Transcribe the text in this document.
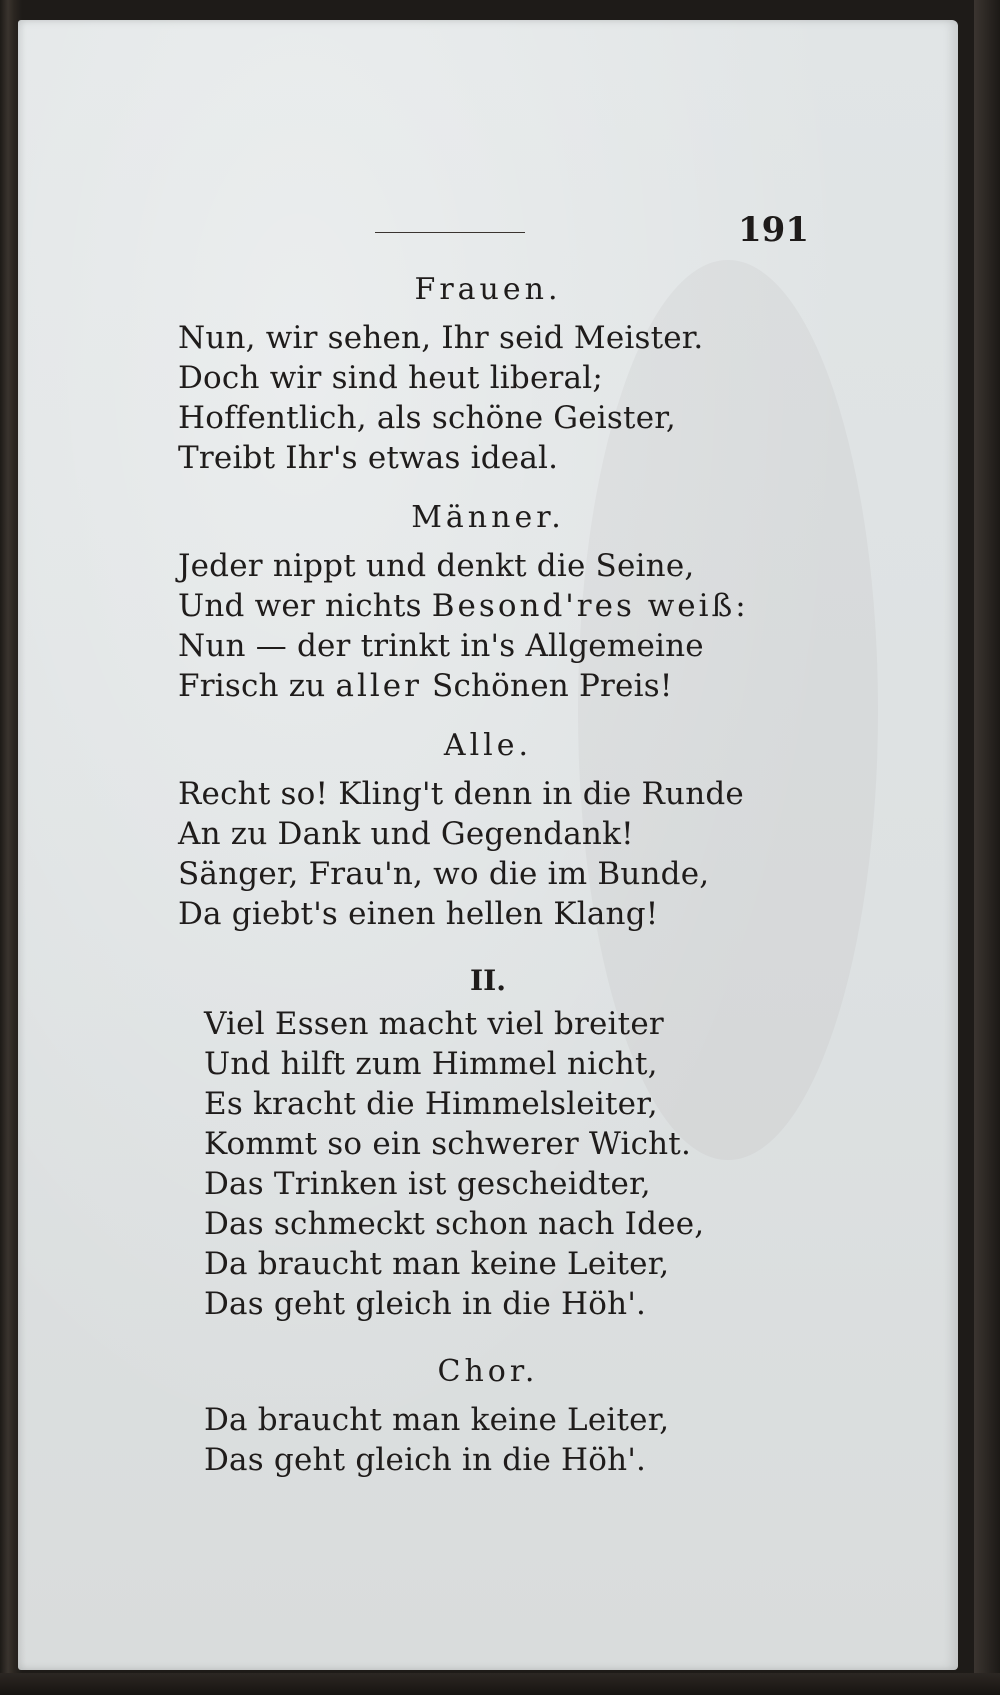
191
Frauen.
Nun, wir sehen, Ihr seid Meister.
Doch wir sind heut liberal;
Hoffentlich, als schöne Geister,
Treibt Ihr's etwas ideal.
Männer.
Jeder nippt und denkt die Seine,
Und wer nichts Besond'res weiß:
Nun — der trinkt in's Allgemeine
Frisch zu aller Schönen Preis!
Alle.
Recht so! Kling't denn in die Runde
An zu Dank und Gegendank!
Sänger, Frau'n, wo die im Bunde,
Da giebt's einen hellen Klang!
II.
Viel Essen macht viel breiter
Und hilft zum Himmel nicht,
Es kracht die Himmelsleiter,
Kommt so ein schwerer Wicht.
Das Trinken ist gescheidter,
Das schmeckt schon nach Idee,
Da braucht man keine Leiter,
Das geht gleich in die Höh'.
Chor.
Da braucht man keine Leiter,
Das geht gleich in die Höh'.
